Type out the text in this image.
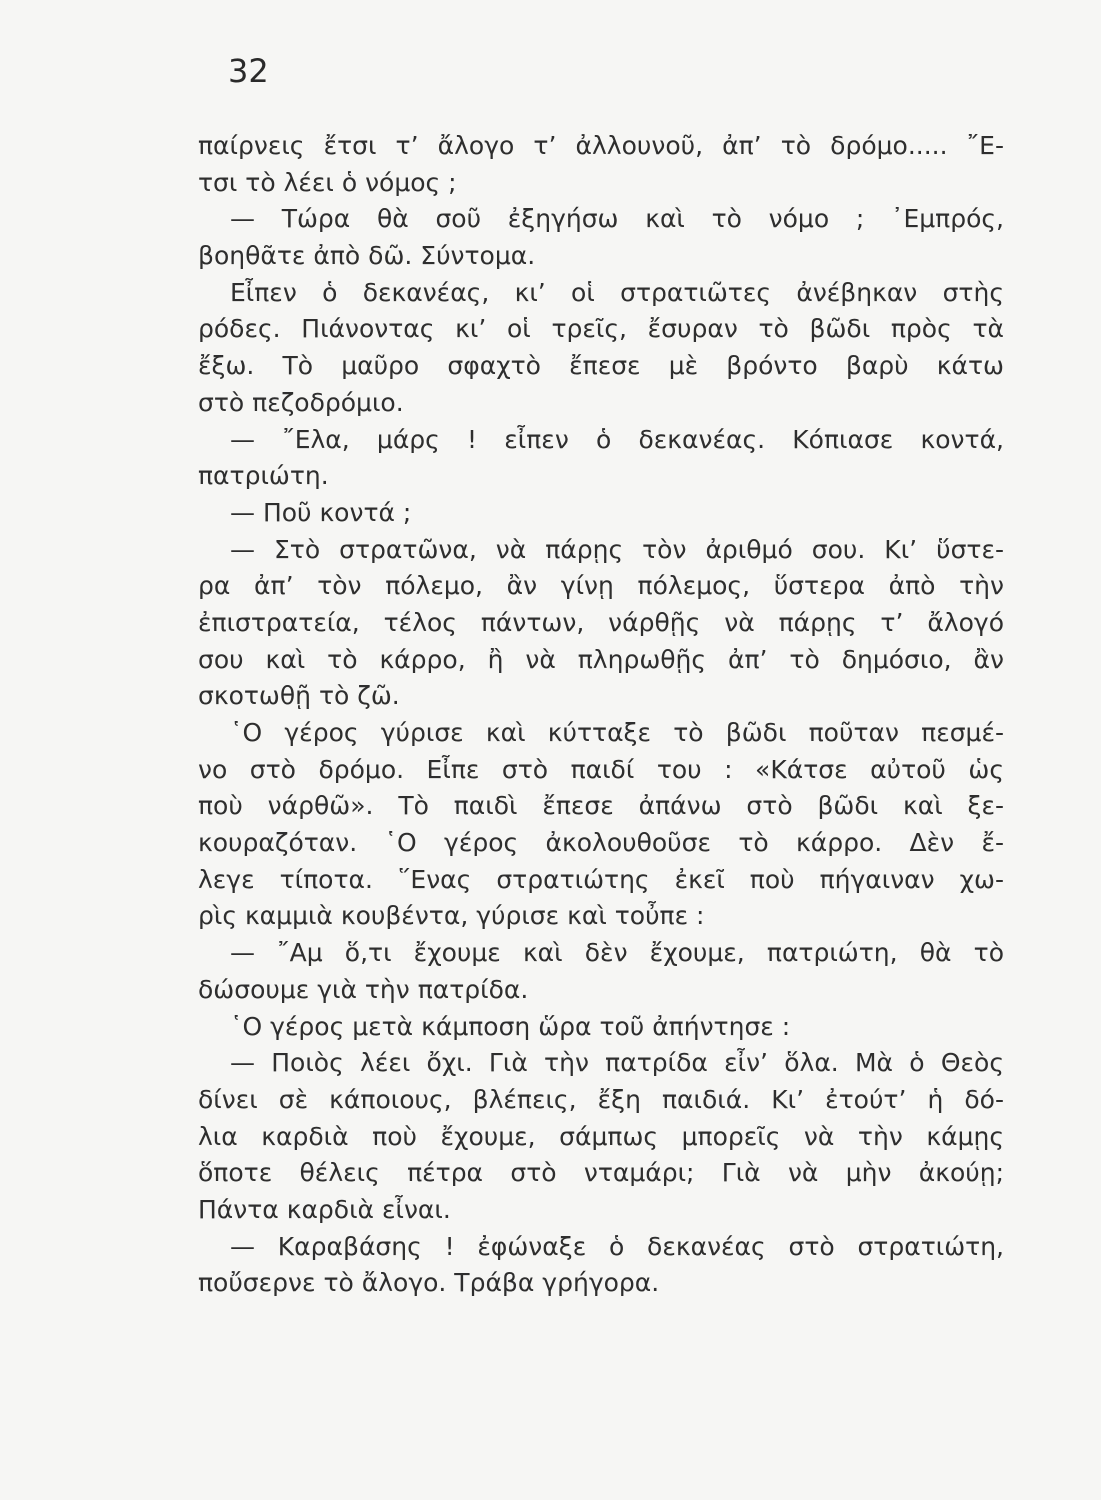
32
παίρνεις ἔτσι τ’ ἄλογο τ’ ἀλλουνοῦ, ἀπ’ τὸ δρόμο..... ῎Ε-
τσι τὸ λέει ὁ νόμος ;
— Τώρα θὰ σοῦ ἐξηγήσω καὶ τὸ νόμο ; ᾽Εμπρός,
βοηθᾶτε ἀπὸ δῶ. Σύντομα.
Εἶπεν ὁ δεκανέας, κι’ οἱ στρατιῶτες ἀνέβηκαν στὴς
ρόδες. Πιάνοντας κι’ οἱ τρεῖς, ἔσυραν τὸ βῶδι πρὸς τὰ
ἔξω. Τὸ μαῦρο σφαχτὸ ἔπεσε μὲ βρόντο βαρὺ κάτω
στὸ πεζοδρόμιο.
— ῎Ελα, μάρς ! εἶπεν ὁ δεκανέας. Κόπιασε κοντά,
πατριώτη.
— Ποῦ κοντά ;
— Στὸ στρατῶνα, νὰ πάρῃς τὸν ἀριθμό σου. Κι’ ὕστε-
ρα ἀπ’ τὸν πόλεμο, ἂν γίνῃ πόλεμος, ὕστερα ἀπὸ τὴν
ἐπιστρατεία, τέλος πάντων, νάρθῇς νὰ πάρῃς τ’ ἄλογό
σου καὶ τὸ κάρρο, ἢ νὰ πληρωθῇς ἀπ’ τὸ δημόσιο, ἂν
σκοτωθῇ τὸ ζῶ.
῾Ο γέρος γύρισε καὶ κύτταξε τὸ βῶδι ποῦταν πεσμέ-
νο στὸ δρόμο. Εἶπε στὸ παιδί του : «Κάτσε αὐτοῦ ὡς
ποὺ νάρθῶ». Τὸ παιδὶ ἔπεσε ἀπάνω στὸ βῶδι καὶ ξε-
κουραζόταν. ῾Ο γέρος ἀκολουθοῦσε τὸ κάρρο. Δὲν ἔ-
λεγε τίποτα. ῞Ενας στρατιώτης ἐκεῖ ποὺ πήγαιναν χω-
ρὶς καμμιὰ κουβέντα, γύρισε καὶ τοὖπε :
— ῎Αμ ὅ,τι ἔχουμε καὶ δὲν ἔχουμε, πατριώτη, θὰ τὸ
δώσουμε γιὰ τὴν πατρίδα.
῾Ο γέρος μετὰ κάμποση ὥρα τοῦ ἀπήντησε :
— Ποιὸς λέει ὄχι. Γιὰ τὴν πατρίδα εἶν’ ὅλα. Μὰ ὁ Θεὸς
δίνει σὲ κάποιους, βλέπεις, ἔξη παιδιά. Κι’ ἐτούτ’ ἡ δό-
λια καρδιὰ ποὺ ἔχουμε, σάμπως μπορεῖς νὰ τὴν κάμῃς
ὅποτε θέλεις πέτρα στὸ νταμάρι; Γιὰ νὰ μὴν ἀκούῃ;
Πάντα καρδιὰ εἶναι.
— Καραβάσης ! ἐφώναξε ὁ δεκανέας στὸ στρατιώτη,
ποὔσερνε τὸ ἄλογο. Τράβα γρήγορα.
